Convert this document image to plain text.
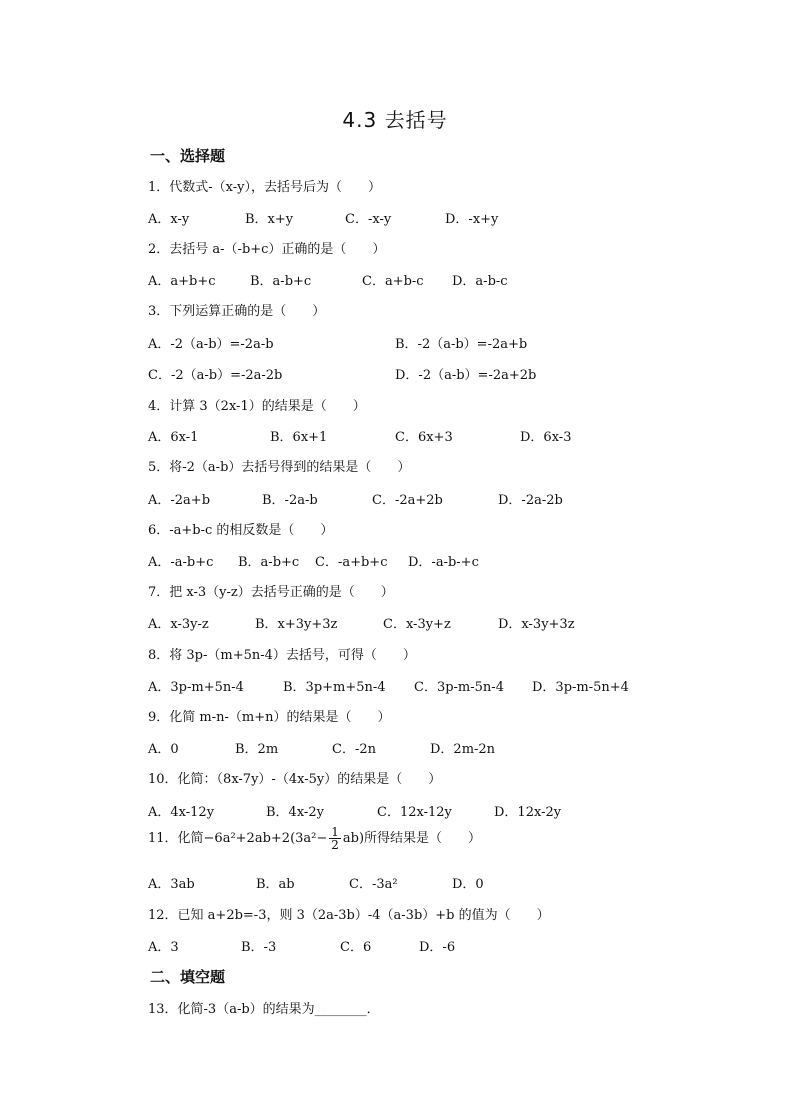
4.3 去括号
一、选择题
1．代数式-（x-y），去括号后为（　　）
A．x-y	B．x+y	C．-x-y	D．-x+y
2．去括号 a-（-b+c）正确的是（　　）
A．a+b+c	B．a-b+c	C．a+b-c D．a-b-c
3．下列运算正确的是（　　）
A．-2（a-b）=-2a-b	B．-2（a-b）=-2a+b
C．-2（a-b）=-2a-2b	D．-2（a-b）=-2a+2b
4．计算 3（2x-1）的结果是（　　）
A．6x-1	B．6x+1	C．6x+3	D．6x-3
5．将-2（a-b）去括号得到的结果是（　　）
A．-2a+b	B．-2a-b	C．-2a+2b	D．-2a-2b
6．-a+b-c 的相反数是（　　）
A．-a-b+c B．a-b+c C．-a+b+c D．-a-b-+c
7．把 x-3（y-z）去括号正确的是（　　）
A．x-3y-z	B．x+3y+3z	C．x-3y+z	D．x-3y+3z
8．将 3p-（m+5n-4）去括号，可得（　　）
A．3p-m+5n-4	B．3p+m+5n-4 C．3p-m-5n-4 D．3p-m-5n+4
9．化简 m-n-（m+n）的结果是（　　）
A．0	B．2m	C．-2n	D．2m-2n
10．化简：（8x-7y）-（4x-5y）的结果是（　　）
A．4x-12y	B．4x-2y	C．12x-12y	D．12x-2y
11．化简$-6a^2+2ab+2(3a^2- \frac{1}{2} ab)$所得结果是（　　）
A．3ab	B．ab	C．-3a²	D．0
12．已知 a+2b=-3，则 3（2a-3b）-4（a-3b）+b 的值为（　　）
A．3	B．-3	C．6	D．-6
二、填空题
13．化简-3（a-b）的结果为________．
